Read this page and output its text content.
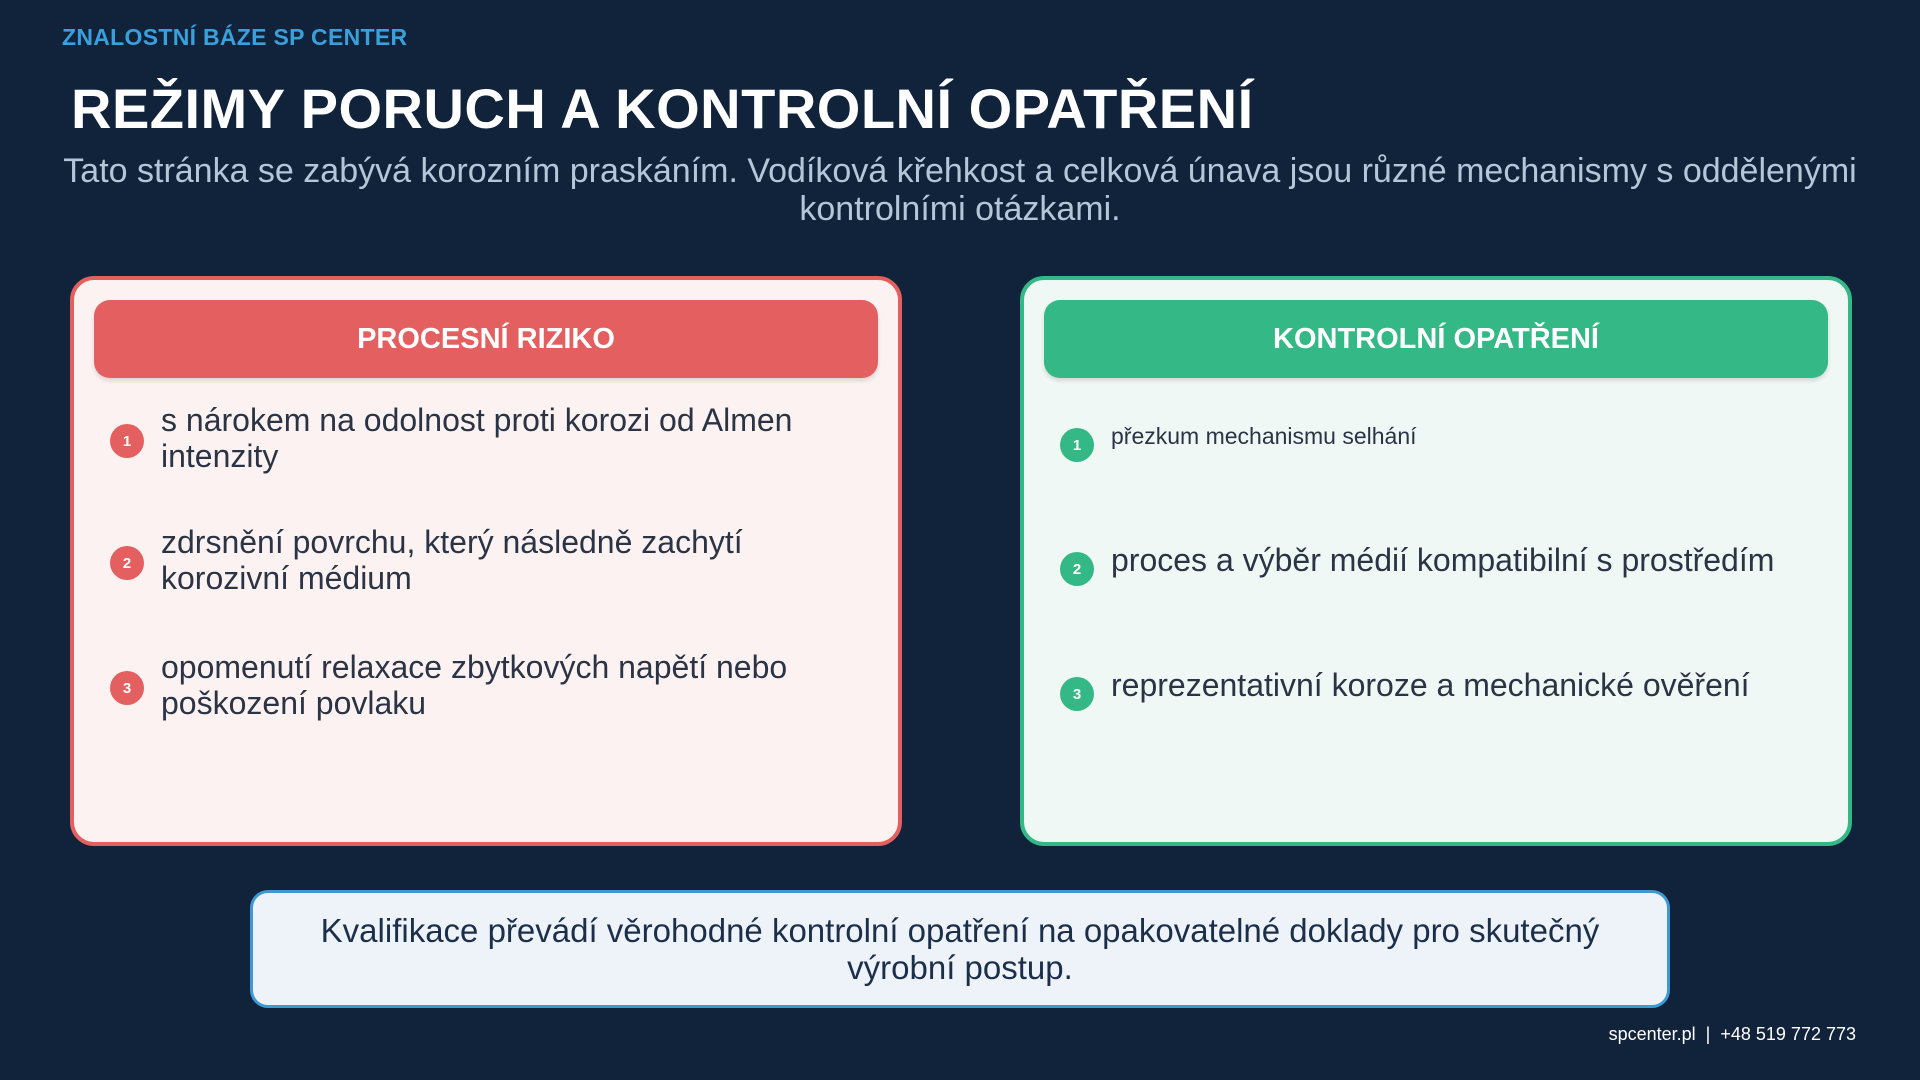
ZNALOSTNÍ BÁZE SP CENTER
REŽIMY PORUCH A KONTROLNÍ OPATŘENÍ
Tato stránka se zabývá korozním praskáním. Vodíková křehkost a celková únava jsou různé mechanismy s oddělenými kontrolními otázkami.
PROCESNÍ RIZIKO
1
s nárokem na odolnost proti korozi od Almen intenzity
2
zdrsnění povrchu, který následně zachytí korozivní médium
3
opomenutí relaxace zbytkových napětí nebo poškození povlaku
KONTROLNÍ OPATŘENÍ
1	přezkum mechanismu selhání
2 proces a výběr médií kompatibilní s prostředím
3 reprezentativní koroze a mechanické ověření
Kvalifikace převádí věrohodné kontrolní opatření na opakovatelné doklady pro skutečný výrobní postup.
spcenter.pl | +48 519 772 773
